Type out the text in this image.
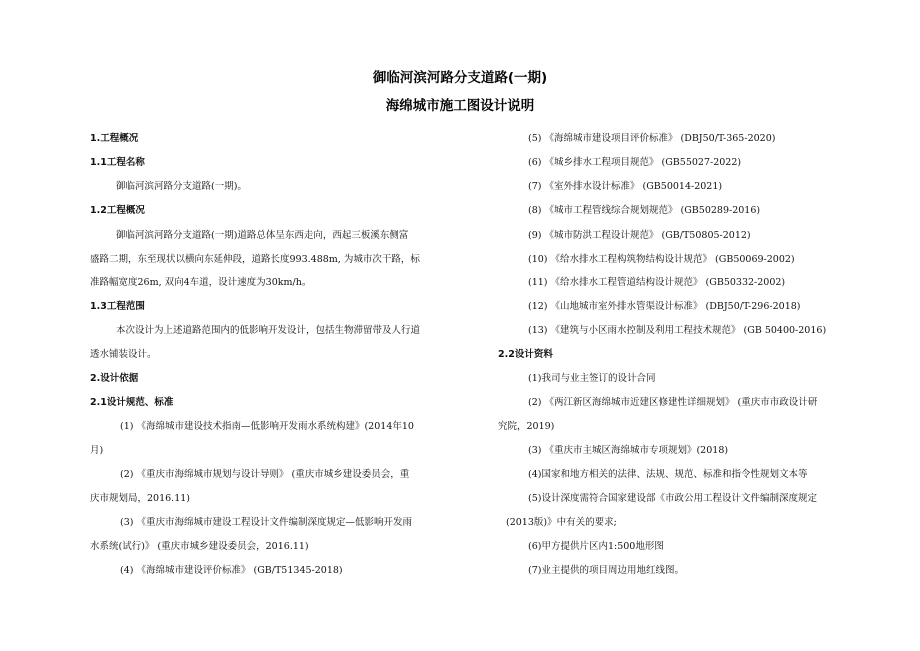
御临河滨河路分支道路(一期)
海绵城市施工图设计说明
1.工程概况
1.1工程名称
御临河滨河路分支道路(一期)。
1.2工程概况
御临河滨河路分支道路(一期)道路总体呈东西走向，西起三板溪东侧富
盛路二期，东至现状以横向东延伸段，道路长度993.488m, 为城市次干路，标
准路幅宽度26m, 双向4车道，设计速度为30km/h。
1.3工程范围
本次设计为上述道路范围内的低影响开发设计，包括生物滞留带及人行道
透水铺装设计。
2.设计依据
2.1设计规范、标准
(1) 《海绵城市建设技术指南—低影响开发雨水系统构建》(2014年10
月)
(2) 《重庆市海绵城市规划与设计导则》 (重庆市城乡建设委员会，重
庆市规划局，2016.11)
(3) 《重庆市海绵城市建设工程设计文件编制深度规定—低影响开发雨
水系统(试行)》 (重庆市城乡建设委员会，2016.11)
(4) 《海绵城市建设评价标准》 (GB/T51345-2018)
(5) 《海绵城市建设项目评价标准》 (DBJ50/T-365-2020)
(6) 《城乡排水工程项目规范》 (GB55027-2022)
(7) 《室外排水设计标准》 (GB50014-2021)
(8) 《城市工程管线综合规划规范》 (GB50289-2016)
(9) 《城市防洪工程设计规范》 (GB/T50805-2012)
(10) 《给水排水工程构筑物结构设计规范》 (GB50069-2002)
(11) 《给水排水工程管道结构设计规范》 (GB50332-2002)
(12) 《山地城市室外排水管渠设计标准》 (DBJ50/T-296-2018)
(13) 《建筑与小区雨水控制及利用工程技术规范》 (GB 50400-2016)
2.2设计资料
(1)我司与业主签订的设计合同
(2) 《两江新区海绵城市近建区修建性详细规划》 (重庆市市政设计研
究院，2019)
(3) 《重庆市主城区海绵城市专项规划》(2018)
(4)国家和地方相关的法律、法规、规范、标准和指令性规划文本等
(5)设计深度需符合国家建设部《市政公用工程设计文件编制深度规定
(2013版)》中有关的要求;
(6)甲方提供片区内1:500地形图
(7)业主提供的项目周边用地红线图。
